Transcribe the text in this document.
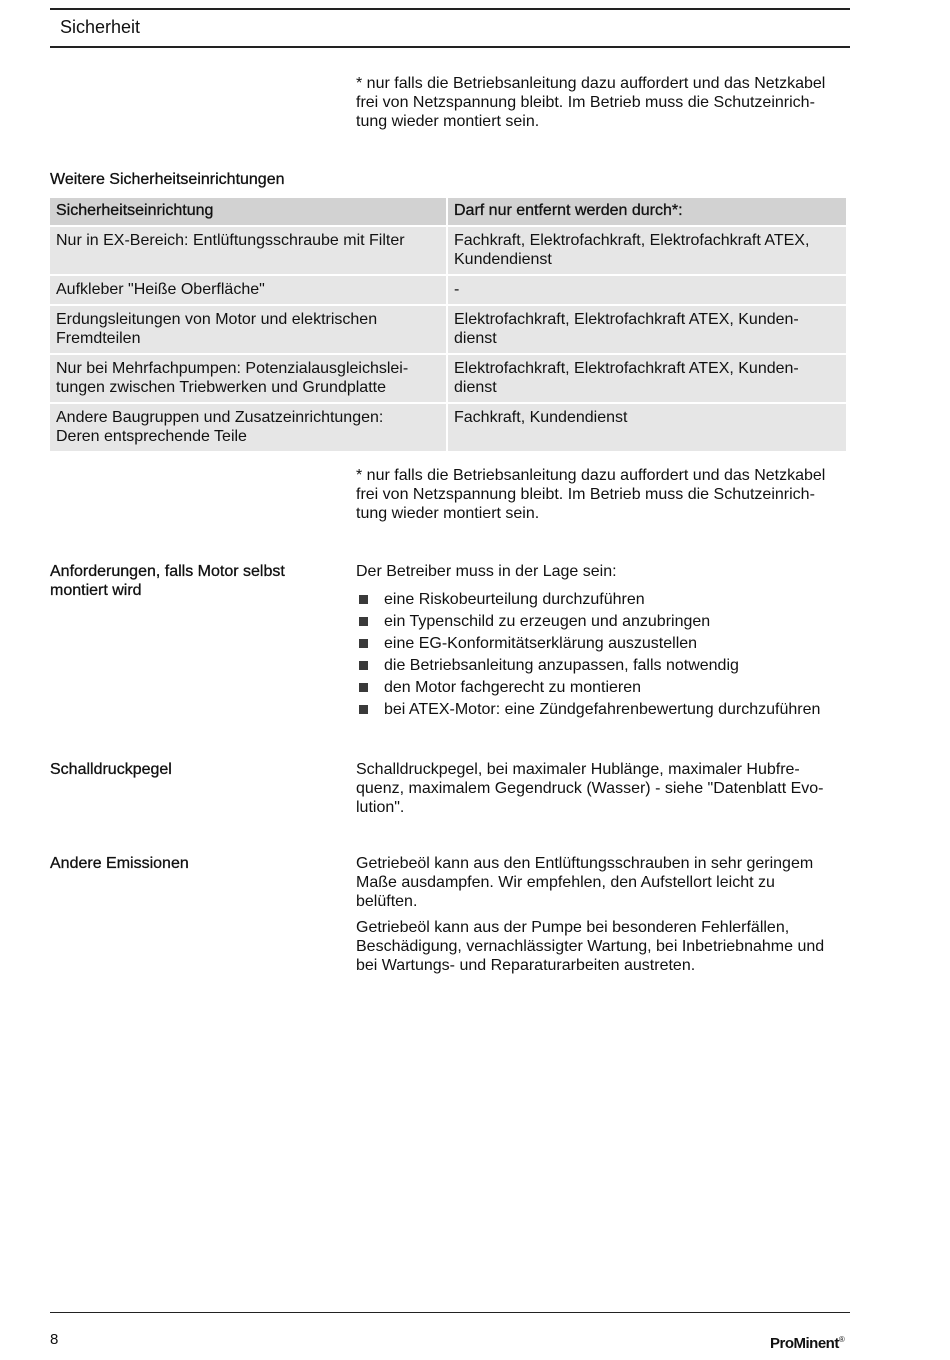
Sicherheit
* nur falls die Betriebsanleitung dazu auffordert und das Netzkabel
frei von Netzspannung bleibt. Im Betrieb muss die Schutzeinrich-
tung wieder montiert sein.
Weitere Sicherheitseinrichtungen
Sicherheitseinrichtung	Darf nur entfernt werden durch*:
Nur in EX-Bereich: Entlüftungsschraube mit Filter	Fachkraft, Elektrofachkraft, Elektrofachkraft ATEX,
Kundendienst
Aufkleber "Heiße Oberfläche"	-
Erdungsleitungen von Motor und elektrischen
Fremdteilen	Elektrofachkraft, Elektrofachkraft ATEX, Kunden-
dienst
Nur bei Mehrfachpumpen: Potenzialausgleichslei-
tungen zwischen Triebwerken und Grundplatte	Elektrofachkraft, Elektrofachkraft ATEX, Kunden-
dienst
Andere Baugruppen und Zusatzeinrichtungen:
Deren entsprechende Teile	Fachkraft, Kundendienst
* nur falls die Betriebsanleitung dazu auffordert und das Netzkabel
frei von Netzspannung bleibt. Im Betrieb muss die Schutzeinrich-
tung wieder montiert sein.
Anforderungen, falls Motor selbst
montiert wird
Der Betreiber muss in der Lage sein:
eine Riskobeurteilung durchzuführen
ein Typenschild zu erzeugen und anzubringen
eine EG-Konformitätserklärung auszustellen
die Betriebsanleitung anzupassen, falls notwendig
den Motor fachgerecht zu montieren
bei ATEX-Motor: eine Zündgefahrenbewertung durchzuführen
Schalldruckpegel	Schalldruckpegel, bei maximaler Hublänge, maximaler Hubfre-
quenz, maximalem Gegendruck (Wasser) - siehe "Datenblatt Evo-
lution".
Andere Emissionen	Getriebeöl kann aus den Entlüftungsschrauben in sehr geringem
Maße ausdampfen. Wir empfehlen, den Aufstellort leicht zu
belüften.
Getriebeöl kann aus der Pumpe bei besonderen Fehlerfällen,
Beschädigung, vernachlässigter Wartung, bei Inbetriebnahme und
bei Wartungs- und Reparaturarbeiten austreten.
8	ProMinent®
